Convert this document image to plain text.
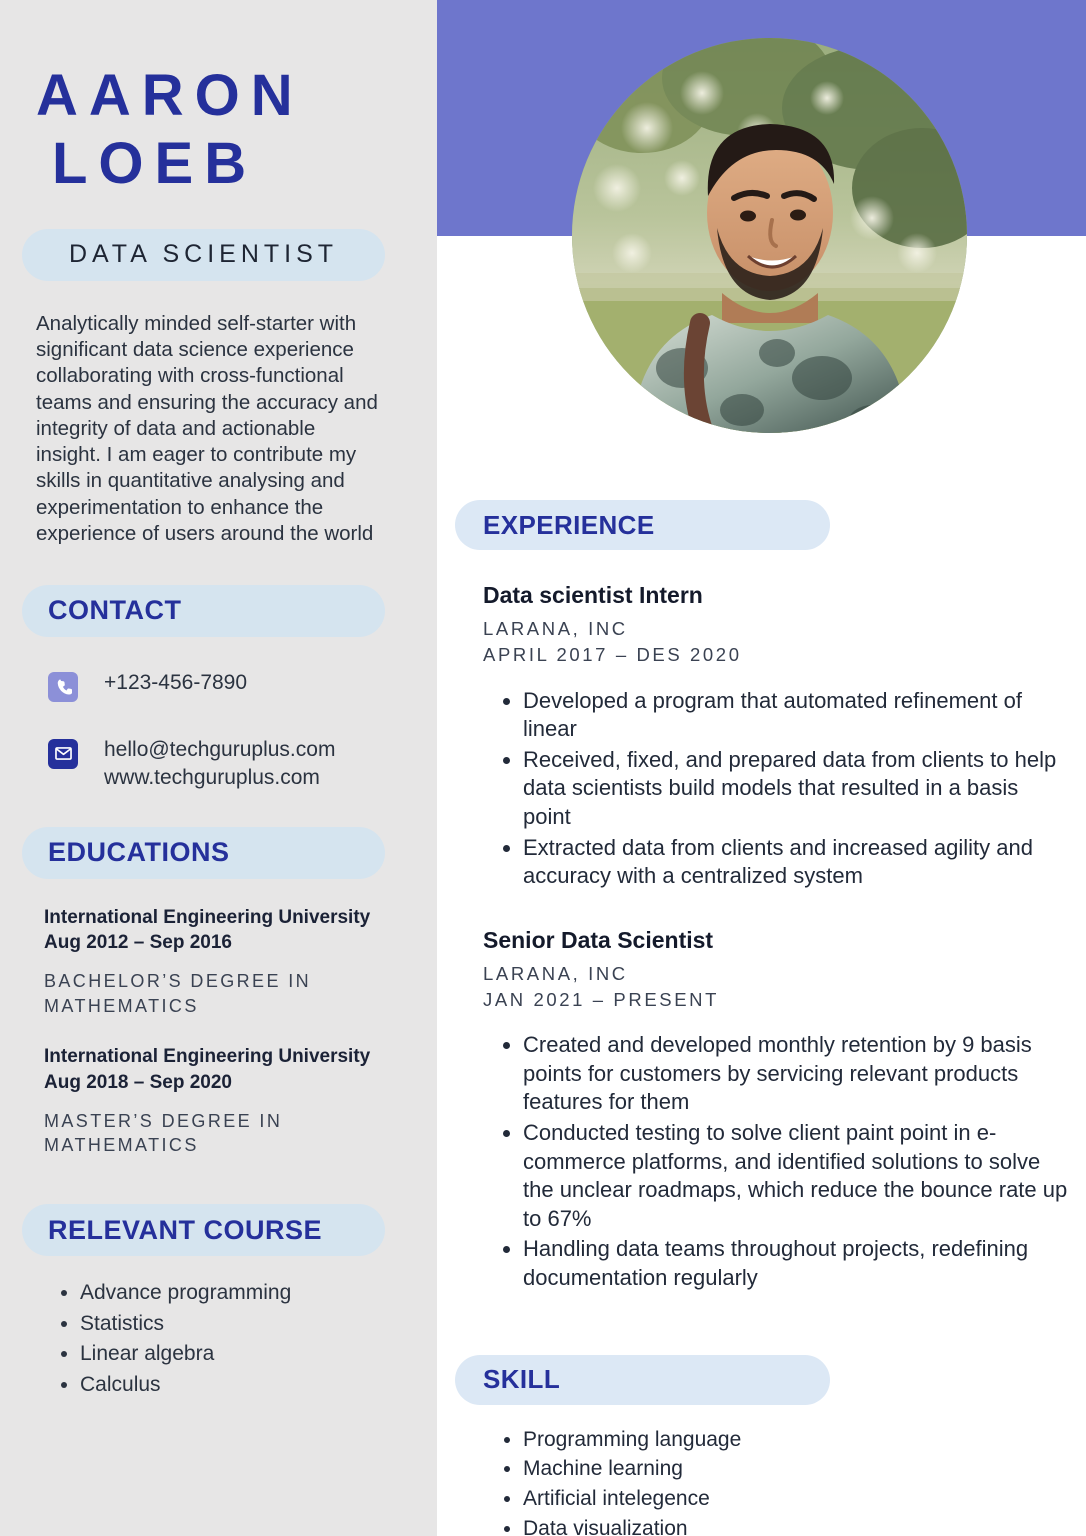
AARON
LOEB
DATA SCIENTIST
Analytically minded self-starter with significant data science experience collaborating with cross-functional teams and ensuring the accuracy and integrity of data and actionable insight. I am eager to contribute my skills in quantitative analysing and experimentation to enhance the experience of users around the world
CONTACT
+123-456-7890
hello@techguruplus.com
www.techguruplus.com
EDUCATIONS
International Engineering University
Aug 2012 – Sep 2016
BACHELOR’S DEGREE IN MATHEMATICS
International Engineering University
Aug 2018 – Sep 2020
MASTER’S DEGREE IN MATHEMATICS
RELEVANT COURSE
• Advance programming
• Statistics
• Linear algebra
• Calculus
EXPERIENCE
Data scientist Intern
LARANA, INC
APRIL 2017 – DES 2020
• Developed a program that automated refinement of linear
• Received, fixed, and prepared data from clients to help data scientists build models that resulted in a basis point
• Extracted data from clients and increased agility and accuracy with a centralized system
Senior Data Scientist
LARANA, INC
JAN 2021 – PRESENT
• Created and developed monthly retention by 9 basis points for customers by servicing relevant products features for them
• Conducted testing to solve client paint point in e-commerce platforms, and identified solutions to solve the unclear roadmaps, which reduce the bounce rate up to 67%
• Handling data teams throughout projects, redefining documentation regularly
SKILL
• Programming language
• Machine learning
• Artificial intelegence
• Data visualization
